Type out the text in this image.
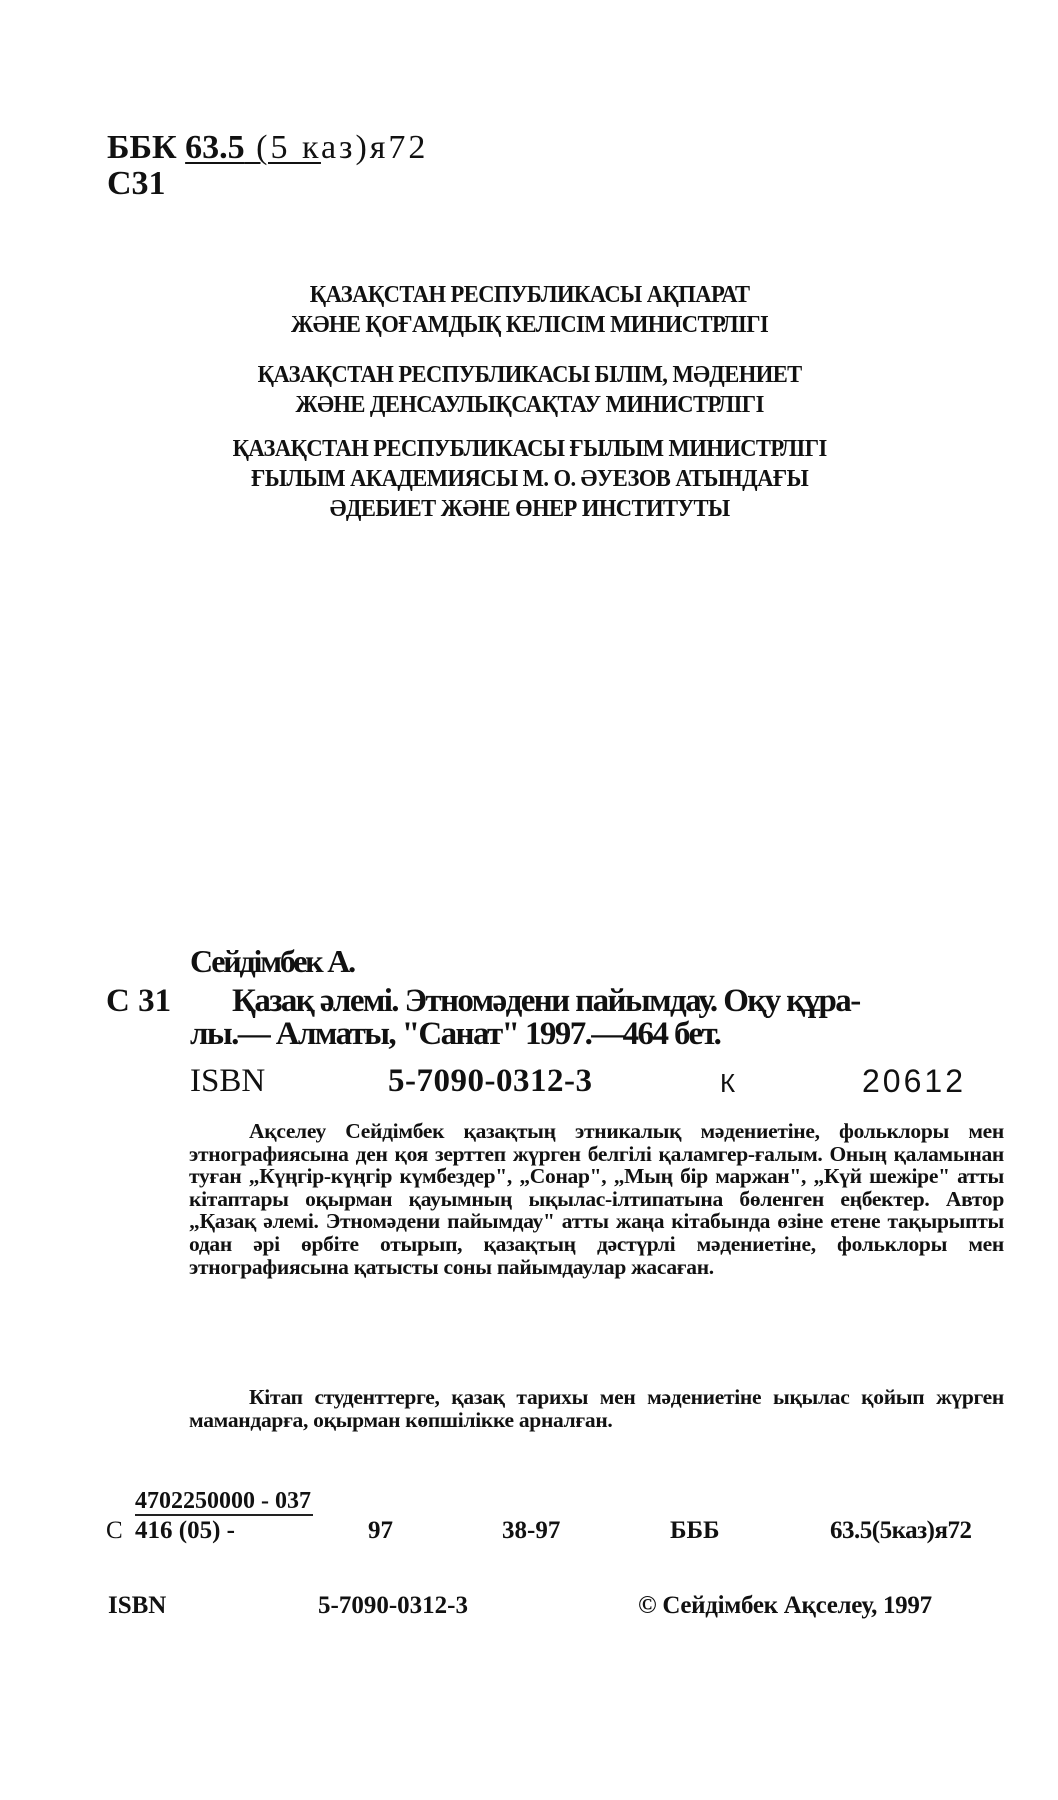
ББК 63.5 (5 каз)я72
С31
ҚАЗАҚСТАН РЕСПУБЛИКАСЫ АҚПАРАТ
ЖӘНЕ ҚОҒАМДЫҚ КЕЛІСІМ МИНИСТРЛІГІ
ҚАЗАҚСТАН РЕСПУБЛИКАСЫ БІЛІМ, МӘДЕНИЕТ
ЖӘНЕ ДЕНСАУЛЫҚСАҚТАУ МИНИСТРЛІГІ
ҚАЗАҚСТАН РЕСПУБЛИКАСЫ ҒЫЛЫМ МИНИСТРЛІГІ
ҒЫЛЫМ АКАДЕМИЯСЫ М. О. ӘУЕЗОВ АТЫНДАҒЫ
ӘДЕБИЕТ ЖӘНЕ ӨНЕР ИНСТИТУТЫ
Сейдімбек А.
С 31 Қазақ әлемі. Этномәдени пайымдау. Оқу құра-
лы.— Алматы, "Санат" 1997.—464 бет.
ISBN	5-7090-0312-3	К	20612

Ақселеу Сейдімбек қазақтың этникалық мәдениетіне, фольклоры мен этнографиясына ден қоя зерттеп жүрген белгілі қаламгер-ғалым. Оның қаламынан туған „Күңгір-күңгір күмбездер", „Сонар", „Мың бір маржан", „Күй шежіре" атты кітаптары оқырман қауымның ықылас-ілтипатына бөленген еңбектер. Автор „Қазақ әлемі. Этномәдени пайымдау" атты жаңа кітабында өзіне етене тақырыпты одан әрі өрбіте отырып, қазақтың дәстүрлі мәдениетіне, фольклоры мен этнографиясына қатысты соны пайымдаулар жасаған.

Кітап студенттерге, қазақ тарихы мен мәдениетіне ықылас қойып жүрген мамандарға, оқырман көпшілікке арналған.

4702250000 - 037
С 416 (05) -	97	38-97	БББ	63.5(5каз)я72
ISBN	5-7090-0312-3	© Сейдімбек Ақселеу, 1997
